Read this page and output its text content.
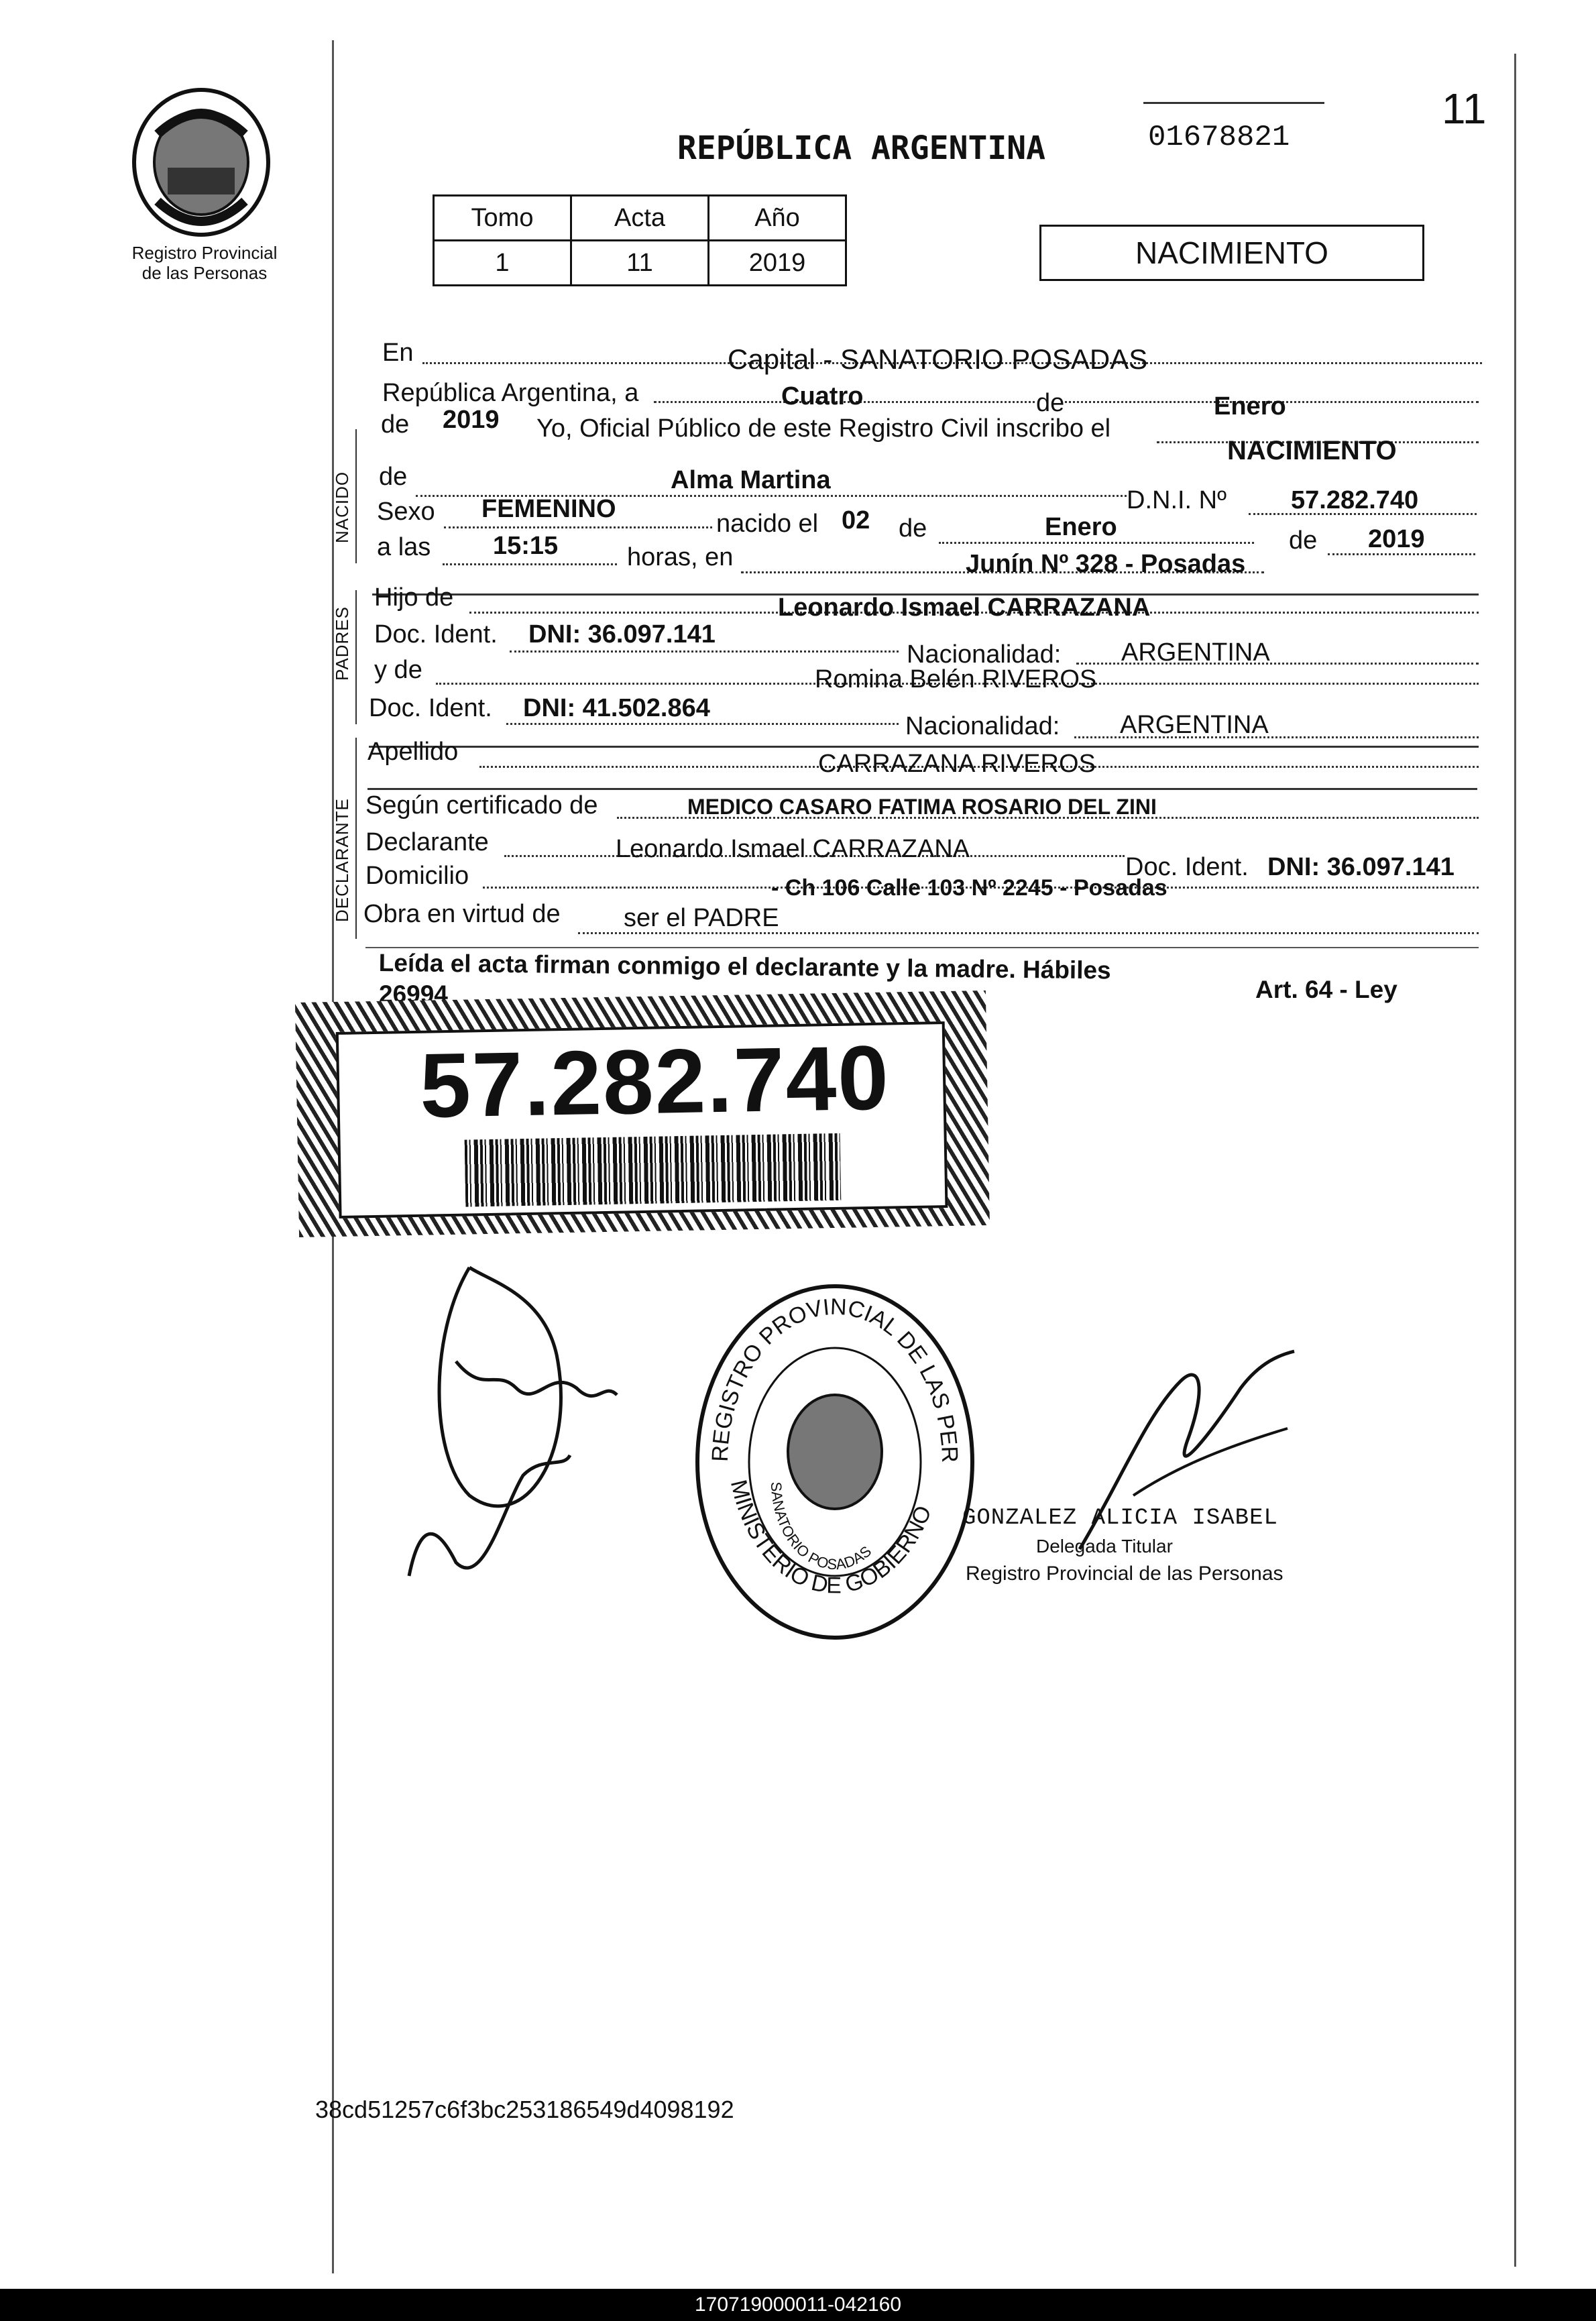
Registro Provincial
de las Personas
REPÚBLICA ARGENTINA	01678821
11
Tomo	Acta	Año
1	11	2019	NACIMIENTO
NACIDO
PADRES
DECLARANTE
En	Capital - SANATORIO POSADAS
República Argentina, a	Cuatro	de	Enero
de 2019 Yo, Oficial Público de este Registro Civil inscribo el
NACIMIENTO
de	Alma Martina
D.N.I. Nº	57.282.740
Sexo FEMENINO
nacido el 02 de	Enero	de 2019
a las 15:15	horas, en	Junín Nº 328 - Posadas
Hijo de	Leonardo Ismael CARRAZANA
Doc. Ident. DNI: 36.097.141
Nacionalidad: ARGENTINA
y de	Romina Belén RIVEROS
Doc. Ident. DNI: 41.502.864
Nacionalidad: ARGENTINA
Apellido	CARRAZANA RIVEROS
Según certificado de	MEDICO CASARO FATIMA ROSARIO DEL ZINI
Declarante	Leonardo Ismael CARRAZANA
Doc. Ident. DNI: 36.097.141
Domicilio	- Ch 106 Calle 103 Nº 2245 - Posadas
Obra en virtud de ser el PADRE
Leída el acta firman conmigo el declarante y la madre. Hábiles
Art. 64 - Ley
26994
57.282.740
REGISTRO PROVINCIAL DE LAS PER
MINISTERIO DE GOBIERNO
SANATORIO POSADAS
GONZALEZ ALICIA ISABEL
Delegada Titular
Registro Provincial de las Personas
38cd51257c6f3bc253186549d4098192
170719000011-042160
